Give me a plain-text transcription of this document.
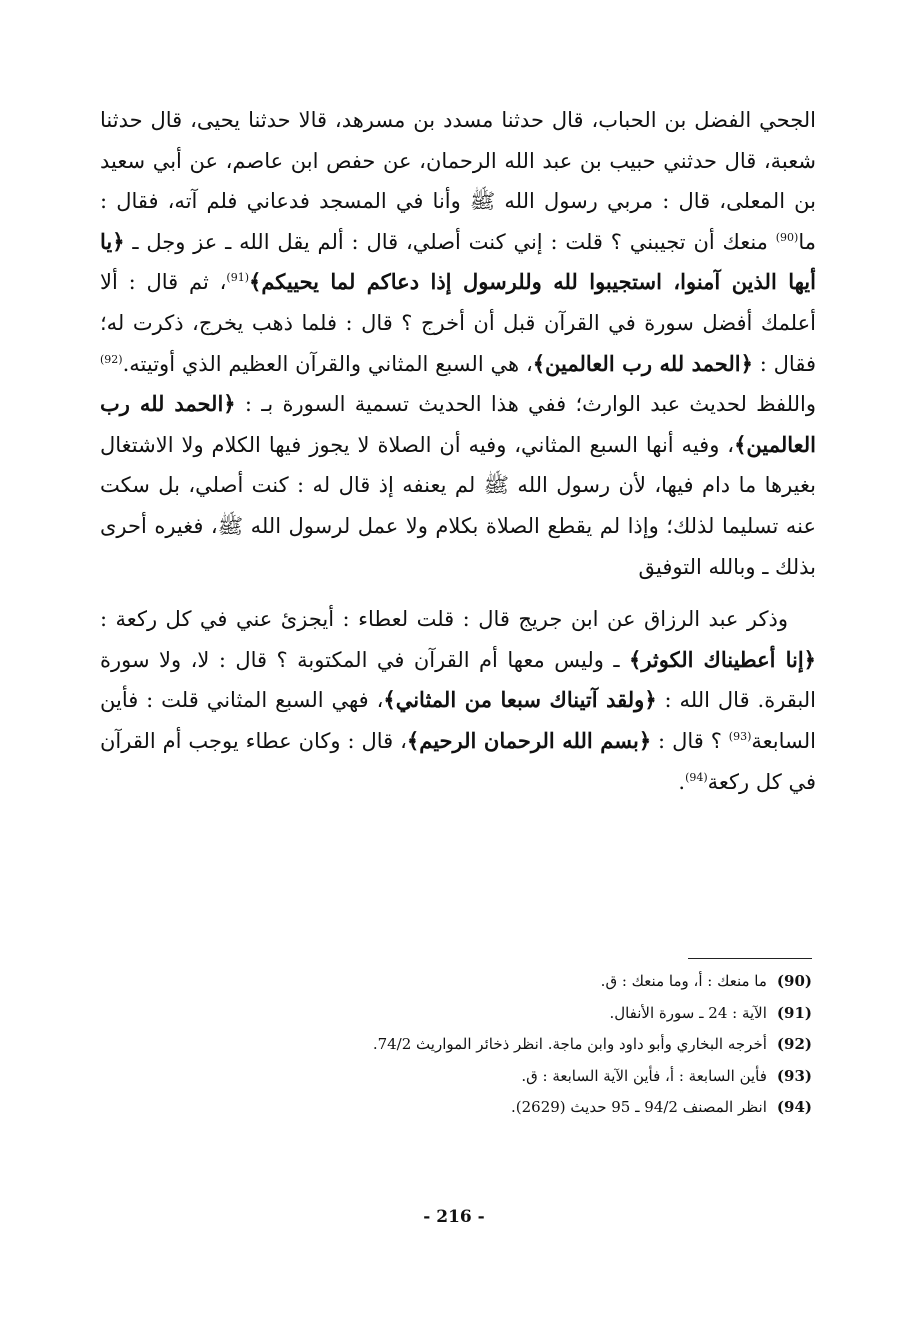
الجحي الفضل بن الحباب، قال حدثنا مسدد بن مسرهد، قالا حدثنا يحيى، قال حدثنا شعبة، قال حدثني حبيب بن عبد الله الرحمان، عن حفص ابن عاصم، عن أبي سعيد بن المعلى، قال : مربي رسول الله ﷺ وأنا في المسجد فدعاني فلم آته، فقال : ما$^{(90)}$ منعك أن تجيبني ؟ قلت : إني كنت أصلي، قال : ألم يقل الله ـ عز وجل ـ ﴿يا أيها الذين آمنوا، استجيبوا لله وللرسول إذا دعاكم لما يحييكم﴾$^{(91)}$، ثم قال : ألا أعلمك أفضل سورة في القرآن قبل أن أخرج ؟ قال : فلما ذهب يخرج، ذكرت له؛ فقال : ﴿الحمد لله رب العالمين﴾، هي السبع المثاني والقرآن العظيم الذي أوتيته.$^{(92)}$ واللفظ لحديث عبد الوارث؛ ففي هذا الحديث تسمية السورة بـ : ﴿الحمد لله رب العالمين﴾، وفيه أنها السبع المثاني، وفيه أن الصلاة لا يجوز فيها الكلام ولا الاشتغال بغيرها ما دام فيها، لأن رسول الله ﷺ لم يعنفه إذ قال له : كنت أصلي، بل سكت عنه تسليما لذلك؛ وإذا لم يقطع الصلاة بكلام ولا عمل لرسول الله ﷺ، فغيره أحرى بذلك ـ وبالله التوفيق

وذكر عبد الرزاق عن ابن جريج قال : قلت لعطاء : أيجزئ عني في كل ركعة : ﴿إنا أعطيناك الكوثر﴾ ـ وليس معها أم القرآن في المكتوبة ؟ قال : لا، ولا سورة البقرة. قال الله : ﴿ولقد آتيناك سبعا من المثاني﴾، فهي السبع المثاني قلت : فأين السابعة$^{(93)}$ ؟ قال : ﴿بسم الله الرحمان الرحيم﴾، قال : وكان عطاء يوجب أم القرآن في كل ركعة$^{(94)}$.

(90)ما منعك : أ، وما منعك : ق.
(91)الآية : 24 ـ سورة الأنفال.
(92)أخرجه البخاري وأبو داود وابن ماجة. انظر ذخائر المواريث 74/2.
(93)فأين السابعة : أ، فأين الآية السابعة : ق.
(94)انظر المصنف 94/2 ـ 95 حديث (2629).
- 216 -
